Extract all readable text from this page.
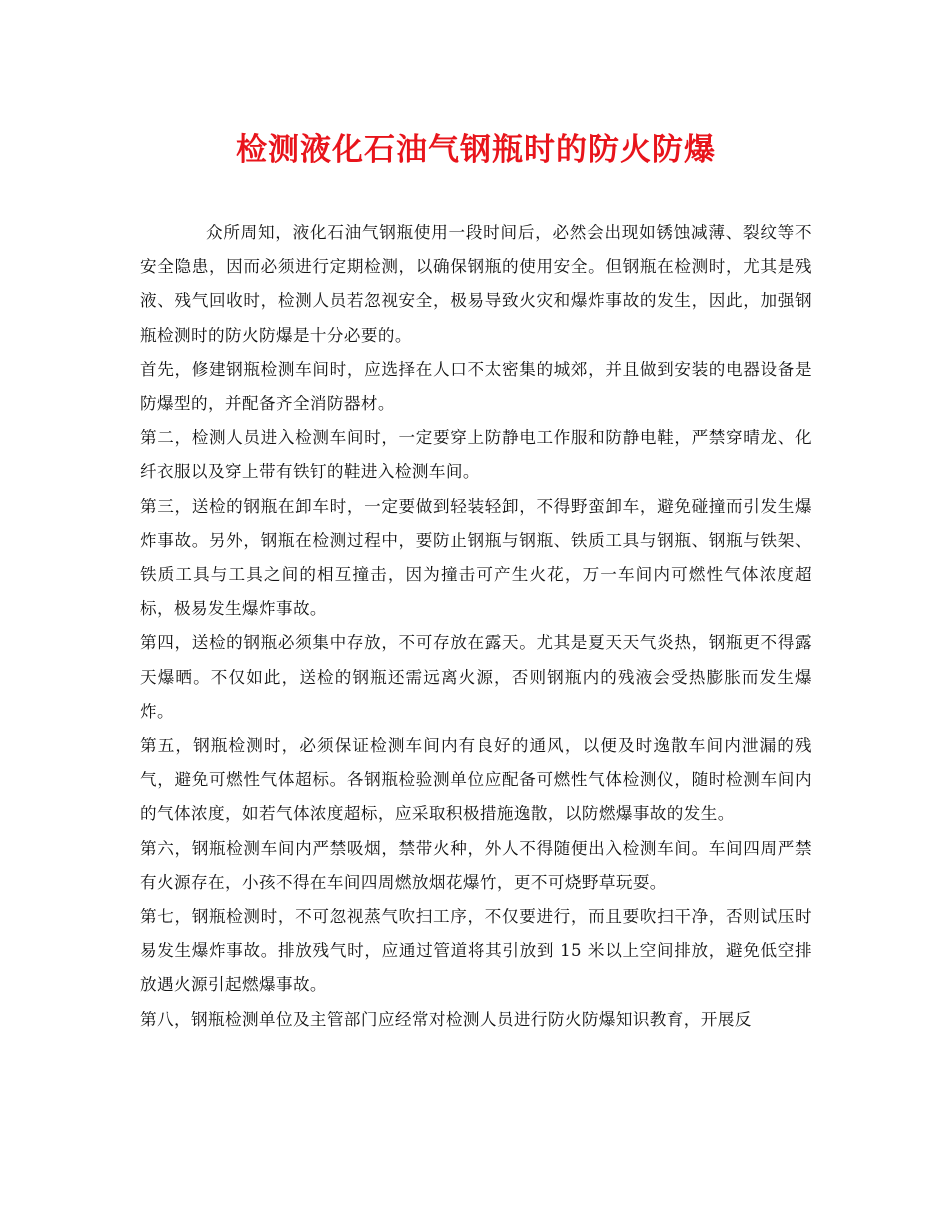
检测液化石油气钢瓶时的防火防爆

众所周知，液化石油气钢瓶使用一段时间后，必然会出现如锈蚀减薄、裂纹等不安全隐患，因而必须进行定期检测，以确保钢瓶的使用安全。但钢瓶在检测时，尤其是残液、残气回收时，检测人员若忽视安全，极易导致火灾和爆炸事故的发生，因此，加强钢瓶检测时的防火防爆是十分必要的。

首先，修建钢瓶检测车间时，应选择在人口不太密集的城郊，并且做到安装的电器设备是防爆型的，并配备齐全消防器材。

第二，检测人员进入检测车间时，一定要穿上防静电工作服和防静电鞋，严禁穿晴龙、化纤衣服以及穿上带有铁钉的鞋进入检测车间。

第三，送检的钢瓶在卸车时，一定要做到轻装轻卸，不得野蛮卸车，避免碰撞而引发生爆炸事故。另外，钢瓶在检测过程中，要防止钢瓶与钢瓶、铁质工具与钢瓶、钢瓶与铁架、铁质工具与工具之间的相互撞击，因为撞击可产生火花，万一车间内可燃性气体浓度超标，极易发生爆炸事故。

第四，送检的钢瓶必须集中存放，不可存放在露天。尤其是夏天天气炎热，钢瓶更不得露天爆晒。不仅如此，送检的钢瓶还需远离火源，否则钢瓶内的残液会受热膨胀而发生爆炸。

第五，钢瓶检测时，必须保证检测车间内有良好的通风，以便及时逸散车间内泄漏的残气，避免可燃性气体超标。各钢瓶检验测单位应配备可燃性气体检测仪，随时检测车间内的气体浓度，如若气体浓度超标，应采取积极措施逸散，以防燃爆事故的发生。

第六，钢瓶检测车间内严禁吸烟，禁带火种，外人不得随便出入检测车间。车间四周严禁有火源存在，小孩不得在车间四周燃放烟花爆竹，更不可烧野草玩耍。

第七，钢瓶检测时，不可忽视蒸气吹扫工序，不仅要进行，而且要吹扫干净，否则试压时易发生爆炸事故。排放残气时，应通过管道将其引放到 15 米以上空间排放，避免低空排放遇火源引起燃爆事故。

第八，钢瓶检测单位及主管部门应经常对检测人员进行防火防爆知识教育，开展反
